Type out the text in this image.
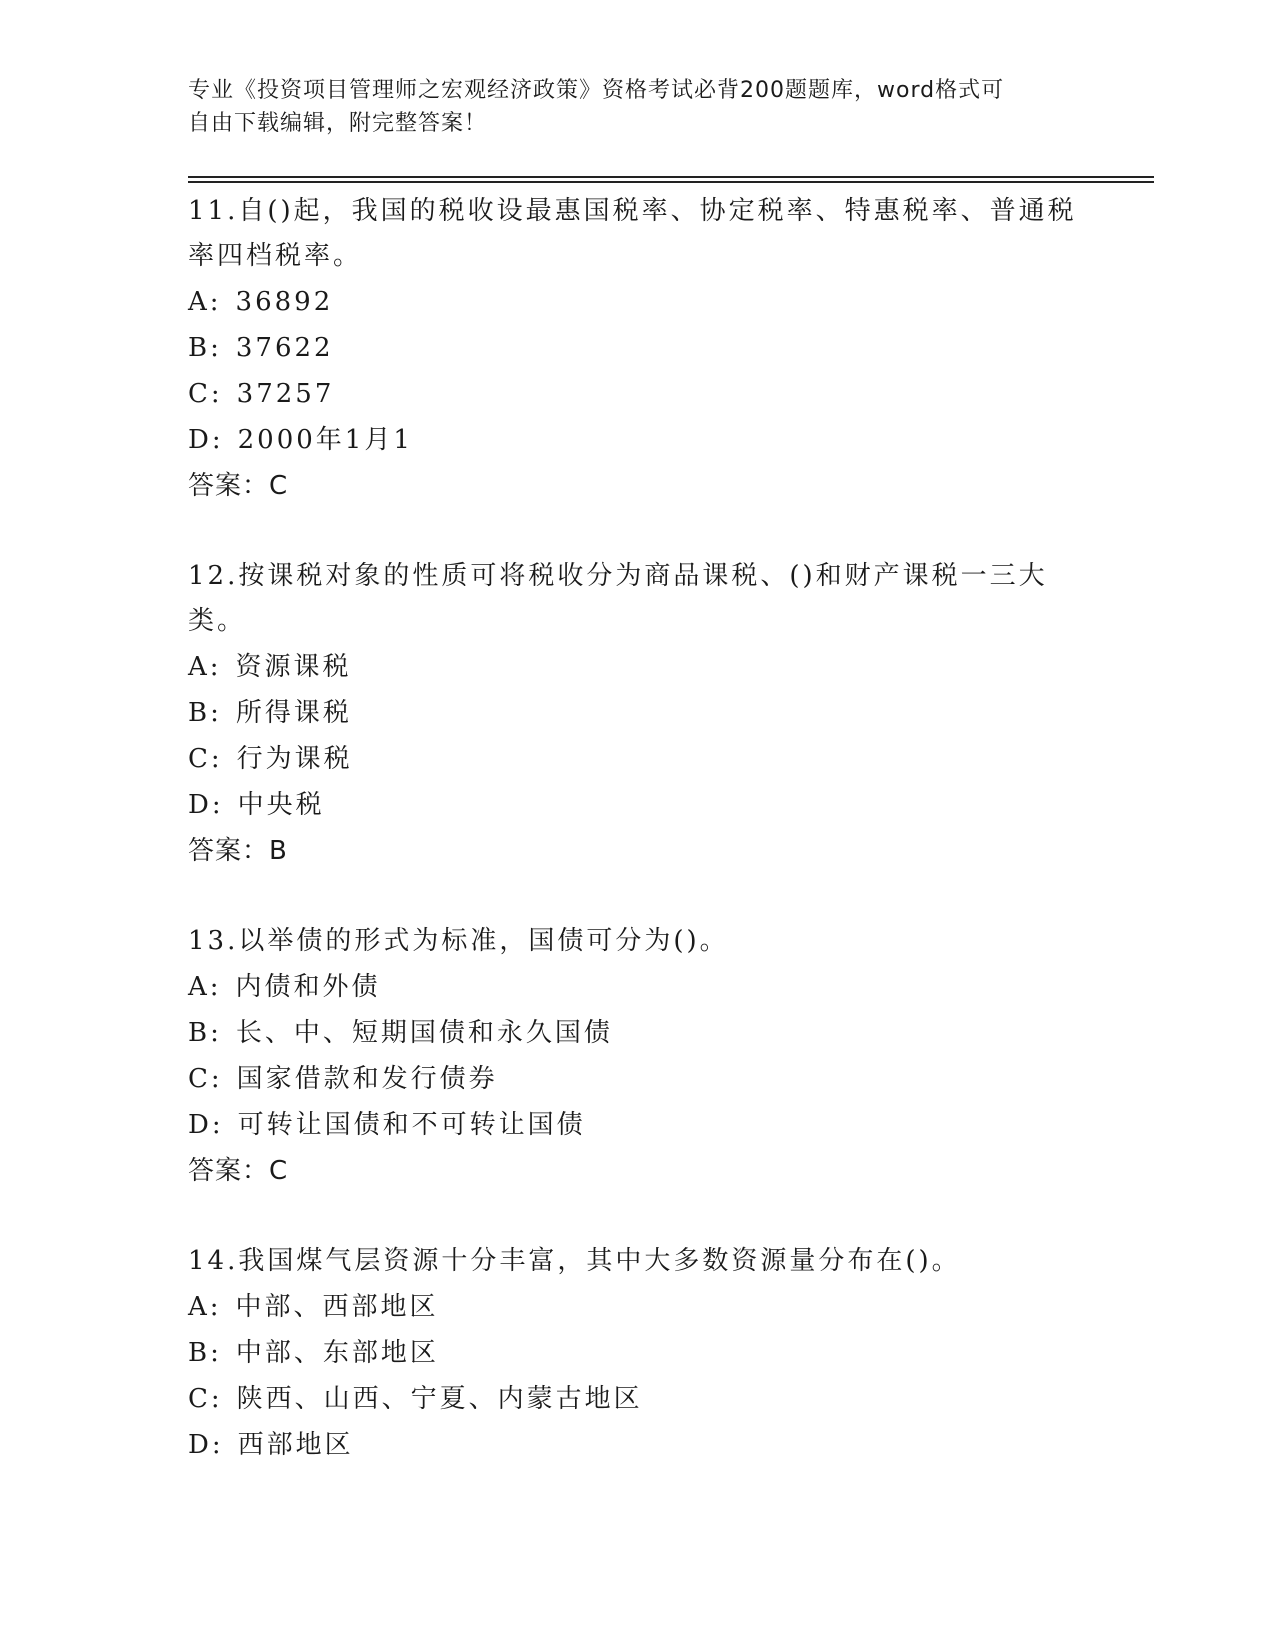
专业《投资项目管理师之宏观经济政策》资格考试必背200题题库，word格式可
自由下载编辑，附完整答案！

11.自()起，我国的税收设最惠国税率、协定税率、特惠税率、普通税率四档税率。

A: 36892

B: 37622

C: 37257

D: 2000年1月1

答案：C

12.按课税对象的性质可将税收分为商品课税、()和财产课税一三大类。

A: 资源课税

B: 所得课税

C: 行为课税

D: 中央税

答案：B

13.以举债的形式为标准，国债可分为()。

A: 内债和外债

B: 长、中、短期国债和永久国债

C: 国家借款和发行债券

D: 可转让国债和不可转让国债

答案：C

14.我国煤气层资源十分丰富，其中大多数资源量分布在()。

A: 中部、西部地区

B: 中部、东部地区

C: 陕西、山西、宁夏、内蒙古地区

D: 西部地区
